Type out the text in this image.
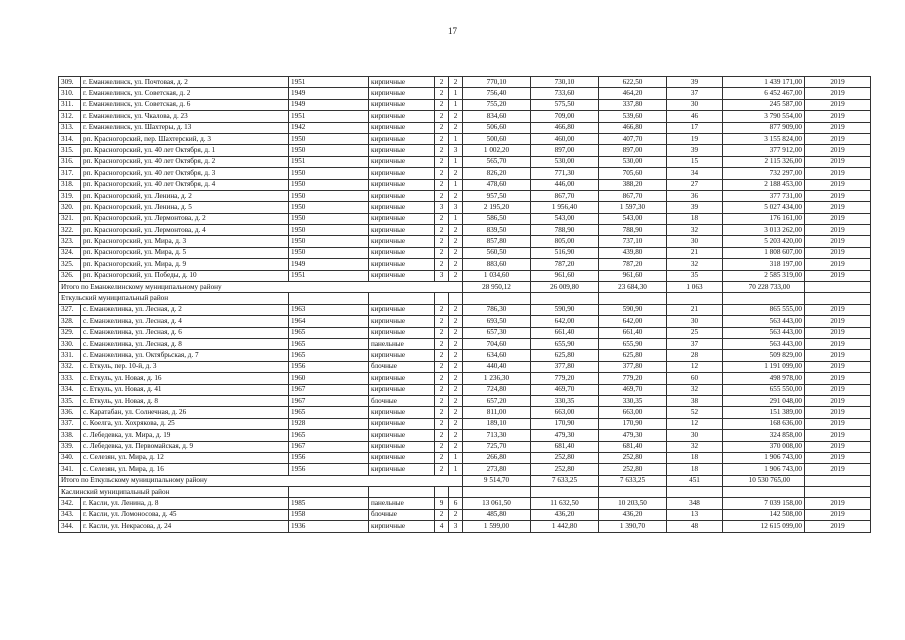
17
309.	г. Еманжелинск, ул. Почтовая, д. 2	1951	кирпичные	2	2	770,10	730,10	622,50	39	1 439 171,00	2019
310.	г. Еманжелинск, ул. Советская, д. 2	1949	кирпичные	2	1	756,40	733,60	464,20	37	6 452 467,00	2019
311.	г. Еманжелинск, ул. Советская, д. 6	1949	кирпичные	2	1	755,20	575,50	337,80	30	245 587,00	2019
312.	г. Еманжелинск, ул. Чкалова, д. 23	1951	кирпичные	2	2	834,60	709,00	539,60	46	3 790 554,00	2019
313.	г. Еманжелинск, ул. Шахтеры, д. 13	1942	кирпичные	2	2	506,60	466,80	466,80	17	877 909,00	2019
314.	рп. Красногорский, пер. Шахтерский, д. 3	1950	кирпичные	2	1	500,60	460,00	407,70	19	3 155 824,00	2019
315.	рп. Красногорский, ул. 40 лет Октября, д. 1	1950	кирпичные	2	3	1 002,20	897,00	897,00	39	377 912,00	2019
316.	рп. Красногорский, ул. 40 лет Октября, д. 2	1951	кирпичные	2	1	565,70	530,00	530,00	15	2 115 326,00	2019
317.	рп. Красногорский, ул. 40 лет Октября, д. 3	1950	кирпичные	2	2	826,20	771,30	705,60	34	732 297,00	2019
318.	рп. Красногорский, ул. 40 лет Октября, д. 4	1950	кирпичные	2	1	478,60	446,00	388,20	27	2 188 453,00	2019
319.	рп. Красногорский, ул. Ленина, д. 2	1950	кирпичные	2	2	957,50	867,70	867,70	36	377 731,00	2019
320.	рп. Красногорский, ул. Ленина, д. 5	1950	кирпичные	3	3	2 195,20	1 956,40	1 597,30	39	5 027 434,00	2019
321.	рп. Красногорский, ул. Лермонтова, д. 2	1950	кирпичные	2	1	586,50	543,00	543,00	18	176 161,00	2019
322.	рп. Красногорский, ул. Лермонтова, д. 4	1950	кирпичные	2	2	839,50	788,90	788,90	32	3 013 262,00	2019
323.	рп. Красногорский, ул. Мира, д. 3	1950	кирпичные	2	2	857,80	805,00	737,10	30	5 203 420,00	2019
324.	рп. Красногорский, ул. Мира, д. 5	1950	кирпичные	2	2	560,50	516,90	439,80	21	1 808 607,00	2019
325.	рп. Красногорский, ул. Мира, д. 9	1949	кирпичные	2	2	883,60	787,20	787,20	32	318 197,00	2019
326.	рп. Красногорский, ул. Победы, д. 10	1951	кирпичные	3	2	1 034,60	961,60	961,60	35	2 585 319,00	2019
Итого по Еманжелинскому муниципальному району						28 950,12	26 009,80	23 684,30	1 063	70 228 733,00	
Еткульский муниципальный район											
327.	с. Еманжелинка, ул. Лесная, д. 2	1963	кирпичные	2	2	786,30	590,90	590,90	21	865 555,00	2019
328.	с. Еманжелинка, ул. Лесная, д. 4	1964	кирпичные	2	2	693,50	642,00	642,00	30	563 443,00	2019
329.	с. Еманжелинка, ул. Лесная, д. 6	1965	кирпичные	2	2	657,30	661,40	661,40	25	563 443,00	2019
330.	с. Еманжелинка, ул. Лесная, д. 8	1965	панельные	2	2	704,60	655,90	655,90	37	563 443,00	2019
331.	с. Еманжелинка, ул. Октябрьская, д. 7	1965	кирпичные	2	2	634,60	625,80	625,80	28	509 829,00	2019
332.	с. Еткуль, пер. 10-й, д. 3	1956	блочные	2	2	440,40	377,80	377,80	12	1 191 099,00	2019
333.	с. Еткуль, ул. Новая, д. 16	1960	кирпичные	2	2	1 236,30	779,20	779,20	60	498 978,00	2019
334.	с. Еткуль, ул. Новая, д. 41	1967	кирпичные	2	2	724,80	469,70	469,70	32	655 550,00	2019
335.	с. Еткуль, ул. Новая, д. 8	1967	блочные	2	2	657,20	330,35	330,35	38	291 048,00	2019
336.	с. Каратабан, ул. Солнечная, д. 26	1965	кирпичные	2	2	811,00	663,00	663,00	52	151 389,00	2019
337.	с. Коелга, ул. Хохрякова, д. 25	1928	кирпичные	2	2	189,10	170,90	170,90	12	168 636,00	2019
338.	с. Лебедевка, ул. Мира, д. 19	1965	кирпичные	2	2	713,30	479,30	479,30	30	324 858,00	2019
339.	с. Лебедевка, ул. Первомайская, д. 9	1967	кирпичные	2	2	725,70	681,40	681,40	32	370 008,00	2019
340.	с. Селезян, ул. Мира, д. 12	1956	кирпичные	2	1	266,80	252,80	252,80	18	1 906 743,00	2019
341.	с. Селезян, ул. Мира, д. 16	1956	кирпичные	2	1	273,80	252,80	252,80	18	1 906 743,00	2019
Итого по Еткульскому муниципальному району						9 514,70	7 633,25	7 633,25	451	10 530 765,00	
Каслинский муниципальный район											
342.	г. Касли, ул. Ленина, д. 8	1985	панельные	9	6	13 061,50	11 632,50	10 203,50	348	7 039 158,00	2019
343.	г. Касли, ул. Ломоносова, д. 45	1958	блочные	2	2	485,80	436,20	436,20	13	142 508,00	2019
344.	г. Касли, ул. Некрасова, д. 24	1936	кирпичные	4	3	1 599,00	1 442,80	1 390,70	48	12 615 099,00	2019
